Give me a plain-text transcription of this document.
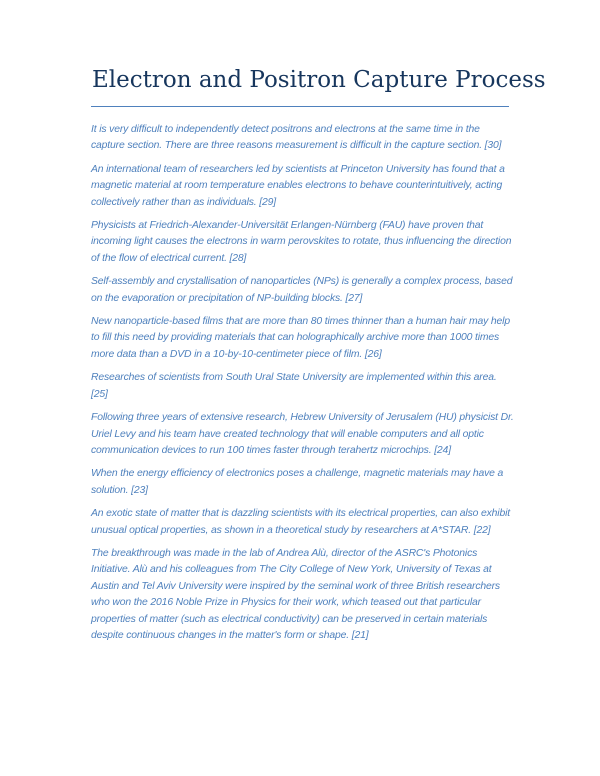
Electron and Positron Capture Process

It is very difficult to independently detect positrons and electrons at the same time in the capture section. There are three reasons measurement is difficult in the capture section. [30]

An international team of researchers led by scientists at Princeton University has found that a magnetic material at room temperature enables electrons to behave counterintuitively, acting collectively rather than as individuals. [29]

Physicists at Friedrich-Alexander-Universität Erlangen-Nürnberg (FAU) have proven that incoming light causes the electrons in warm perovskites to rotate, thus influencing the direction of the flow of electrical current. [28]

Self-assembly and crystallisation of nanoparticles (NPs) is generally a complex process, based on the evaporation or precipitation of NP-building blocks. [27]

New nanoparticle-based films that are more than 80 times thinner than a human hair may help to fill this need by providing materials that can holographically archive more than 1000 times more data than a DVD in a 10-by-10-centimeter piece of film. [26]

Researches of scientists from South Ural State University are implemented within this area. [25]

Following three years of extensive research, Hebrew University of Jerusalem (HU) physicist Dr. Uriel Levy and his team have created technology that will enable computers and all optic communication devices to run 100 times faster through terahertz microchips. [24]

When the energy efficiency of electronics poses a challenge, magnetic materials may have a solution. [23]

An exotic state of matter that is dazzling scientists with its electrical properties, can also exhibit unusual optical properties, as shown in a theoretical study by researchers at A*STAR. [22]

The breakthrough was made in the lab of Andrea Alù, director of the ASRC's Photonics Initiative. Alù and his colleagues from The City College of New York, University of Texas at Austin and Tel Aviv University were inspired by the seminal work of three British researchers who won the 2016 Noble Prize in Physics for their work, which teased out that particular properties of matter (such as electrical conductivity) can be preserved in certain materials despite continuous changes in the matter's form or shape. [21]
